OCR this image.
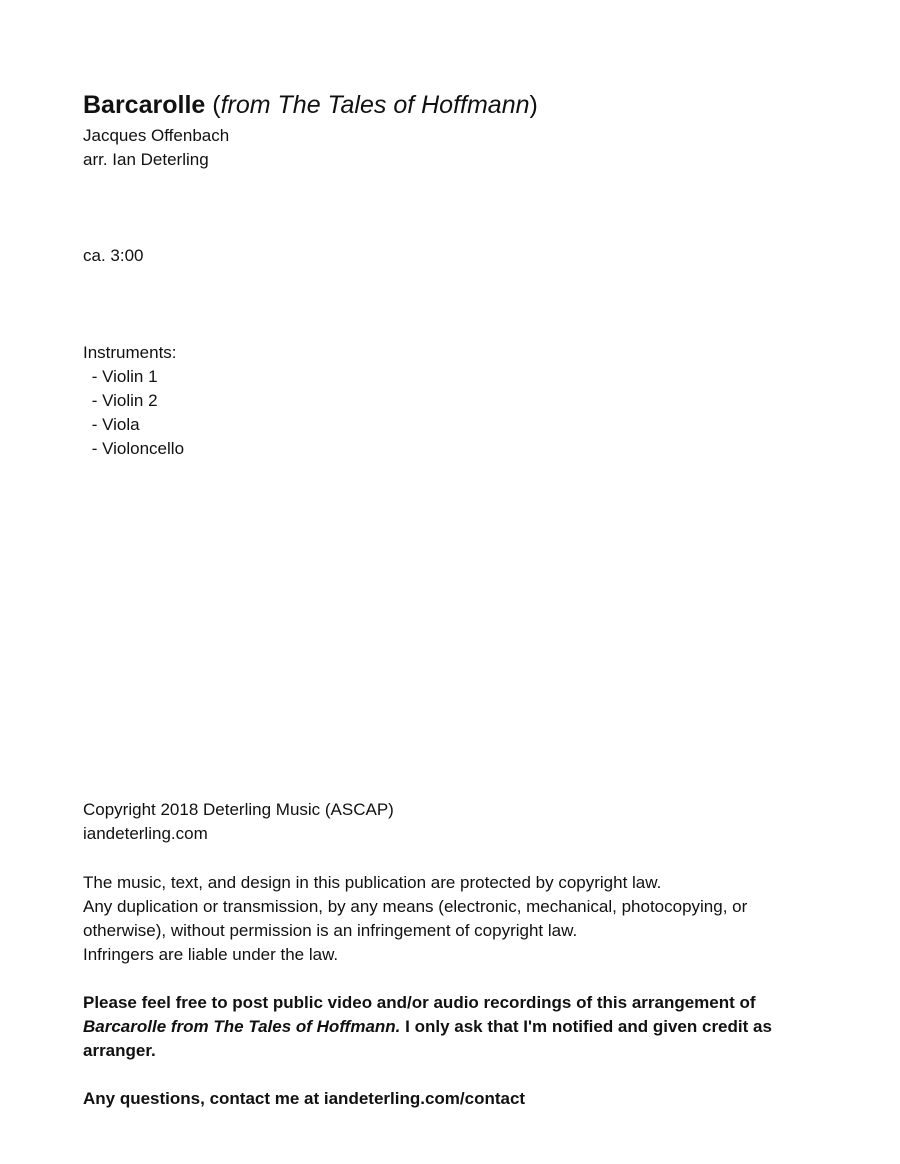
Barcarolle (from The Tales of Hoffmann)
Jacques Offenbach
arr. Ian Deterling
ca. 3:00
Instruments:
- Violin 1
- Violin 2
- Viola
- Violoncello
Copyright 2018 Deterling Music (ASCAP)
iandeterling.com
The music, text, and design in this publication are protected by copyright law.
Any duplication or transmission, by any means (electronic, mechanical, photocopying, or otherwise), without permission is an infringement of copyright law.
Infringers are liable under the law.
Please feel free to post public video and/or audio recordings of this arrangement of Barcarolle from The Tales of Hoffmann. I only ask that I'm notified and given credit as arranger.
Any questions, contact me at iandeterling.com/contact
